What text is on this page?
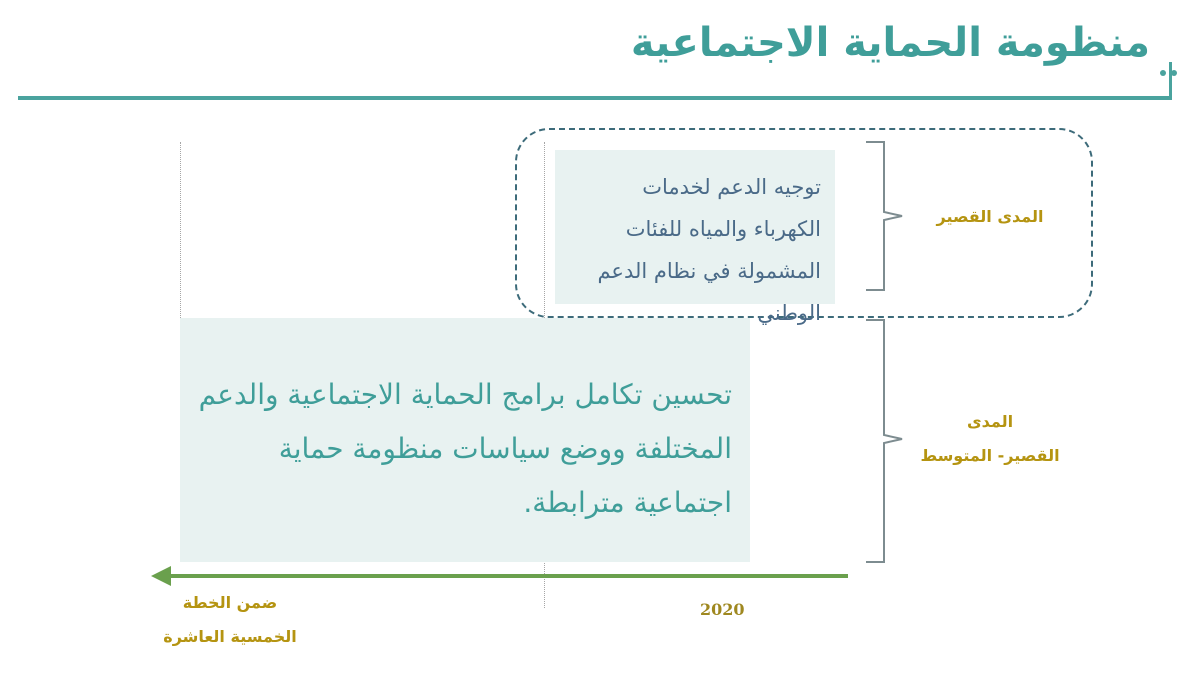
منظومة الحماية الاجتماعية
توجيه الدعم لخدمات الكهرباء والمياه للفئات المشمولة في نظام الدعم الوطني
تحسين تكامل برامج الحماية الاجتماعية والدعم المختلفة ووضع سياسات منظومة حماية اجتماعية مترابطة.
المدى القصير
المدى
القصير- المتوسط
2020
ضمن الخطة
الخمسية العاشرة
